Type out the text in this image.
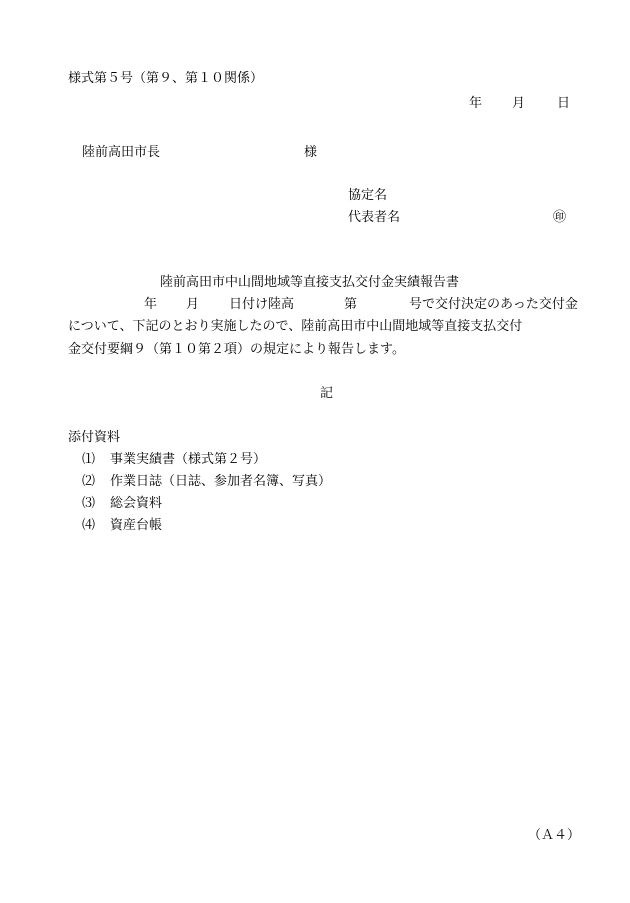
様式第５号（第９、第１０関係）
年 月 日
陸前高田市長	様
協定名
代表者名	㊞
陸前高田市中山間地域等直接支払交付金実績報告書
年 月 日付け陸高	第	号で交付決定のあった交付金
について、下記のとおり実施したので、陸前高田市中山間地域等直接支払交付
金交付要綱９（第１０第２項）の規定により報告します。
記
添付資料
⑴ 事業実績書（様式第２号）
⑵ 作業日誌（日誌、参加者名簿、写真）
⑶ 総会資料
⑷ 資産台帳
（Ａ４）
